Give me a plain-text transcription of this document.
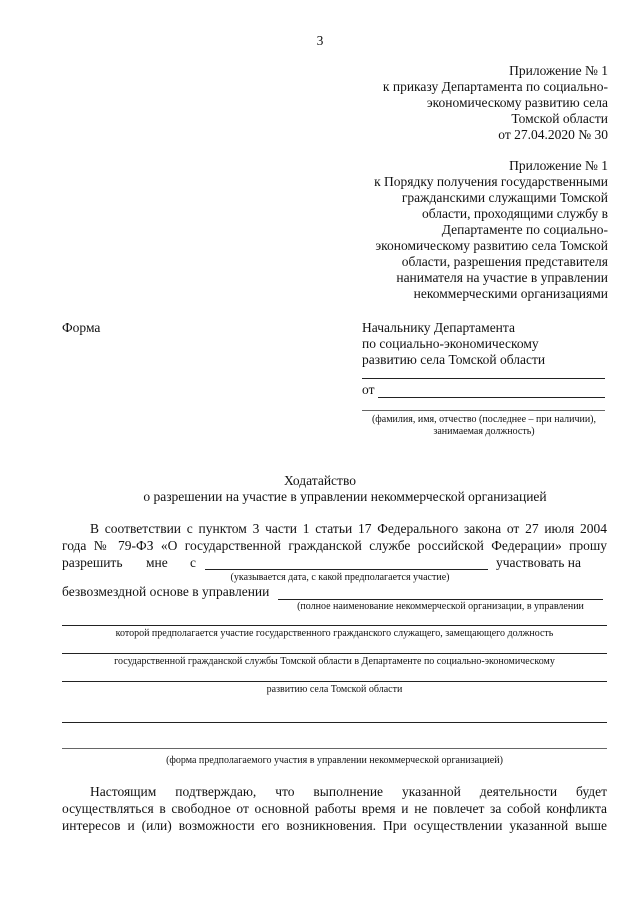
3
Приложение № 1
к приказу Департамента по социально-
экономическому развитию села
Томской области
от 27.04.2020 № 30
Приложение № 1
к Порядку получения государственными
гражданскими служащими Томской
области, проходящими службу в
Департаменте по социально-
экономическому развитию села Томской
области, разрешения представителя
нанимателя на участие в управлении
некоммерческими организациями
Форма	Начальнику Департамента
по социально-экономическому
развитию села Томской области
от
(фамилия, имя, отчество (последнее – при наличии),
занимаемая должность)
Ходатайство
о разрешении на участие в управлении некоммерческой организацией
В соответствии с пунктом 3 части 1 статьи 17 Федерального закона от 27 июля 2004
года № 79-ФЗ «О государственной гражданской службе российской Федерации» прошу
разрешить мне с	участвовать на
(указывается дата, с какой предполагается участие)
безвозмездной основе в управлении
(полное наименование некоммерческой организации, в управлении
которой предполагается участие государственного гражданского служащего, замещающего должность
государственной гражданской службы Томской области в Департаменте по социально-экономическому
развитию села Томской области
(форма предполагаемого участия в управлении некоммерческой организацией)
Настоящим подтверждаю, что выполнение указанной деятельности будет
осуществляться в свободное от основной работы время и не повлечет за собой конфликта
интересов и (или) возможности его возникновения. При осуществлении указанной выше
